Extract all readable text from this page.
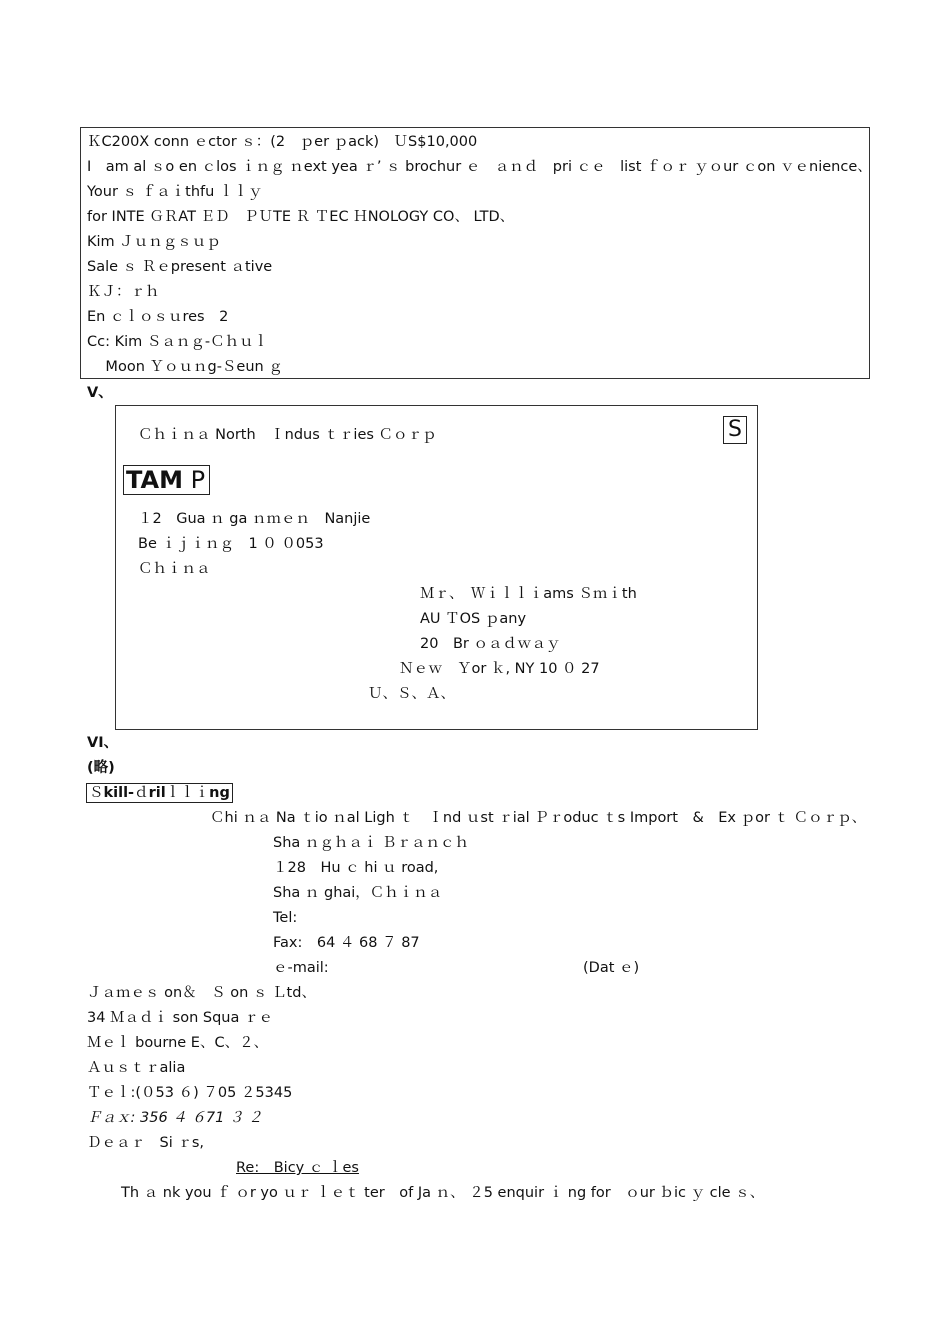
ＫC200X conn ｅctor ｓ：(2　ｐer ｐack)　ＵS$10,000
I　am al ｓo en ｃlos ｉｎｇ ｎext yea ｒ’ ｓ brochur ｅ　ａｎｄ　pri ｃｅ　list ｆｏｒ ｙｏur ｃon ｖｅnience、
Your ｓ ｆａｉthfu ｌｌｙ
for INTE ＧＲAT ＥＤ　ＰＵTE Ｒ ＴEC ＨNOLOGY CO、 LTD、
Kim Ｊｕｎｇｓｕｐ
Sale ｓ Ｒｅpresent ａtive
ＫＪ：ｒｈ
En ｃｌｏｓｕres　2
Cc: Kim Ｓａｎｇ-Ｃｈｕｌ
Moon Ｙｏｕｎg-Ｓeun ｇ
V、
S
TAM P
Ｃｈｉｎａ North　Ｉndus ｔｒies Ｃｏｒｐ
１2　Gua ｎ ga ｎｍｅｎ　Nanjie
Be ｉｊｉｎｇ　1 ０ ０053
Ｃｈｉｎａ
Ｍｒ、　Ｗｉｌｌｉams Ｓｍｉth
AU ＴOS ｐany
20　Br ｏａｄｗａｙ
Ｎｅｗ　Ｙor ｋ, NY 10 ０ 27
Ｕ、Ｓ、Ａ、
VI、
(略)
Ｓkill-ｄrilｌｌｉng
Ｃhi ｎａ Na ｔio ｎal Ligh ｔ　Ｉnd ｕst ｒial Ｐｒoduc ｔs Import　&　Ex ｐor ｔ Ｃｏｒｐ、
Sha ｎｇｈａｉ Ｂｒａｎｃｈ
１28　Hu ｃ hi ｕ road,
Sha ｎ ghai，Ｃｈｉｎａ
Tel:
Fax:　64 ４ 68 ７ 87
ｅ-mail:	(Dat ｅ)
Ｊａｍｅｓ on＆　Ｓ on ｓ Ｌtd、
34 Ｍａｄｉ son Squa ｒｅ
Ｍｅｌ bourne E、C、２、
Ａｕｓｔｒalia
Ｔｅｌ:(０53 ６) ７05 ２5345
Ｆａｘ: 356 ４ ６71 ３ ２
Ｄｅａｒ　Si ｒs,
Re:　Bicy ｃ ｌes
Th ａ nk you ｆ ｏr yo ｕｒ ｌｅｔ ter　of Ja ｎ、 ２5 enquir ｉ ng for　ｏur ｂic ｙ cle ｓ、
